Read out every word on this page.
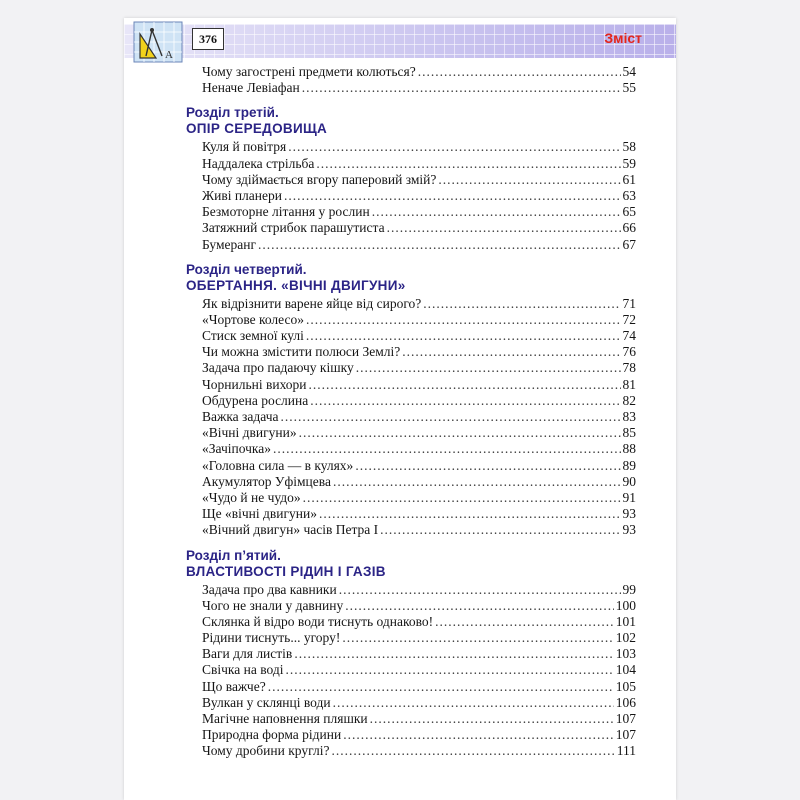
A
376	Зміст
Чому загострені предмети колються? .....	54
Неначе Левіафан .....	55
Розділ третій.
ОПІР СЕРЕДОВИЩА
Куля й повітря .....	58
Наддалека стрільба .....	59
Чому здіймається вгору паперовий змій? .....	61
Живі планери .....	63
Безмоторне літання у рослин .....	65
Затяжний стрибок парашутиста .....	66
Бумеранг .....	67
Розділ четвертий.
ОБЕРТАННЯ. «ВІЧНІ ДВИГУНИ»
Як відрізнити варене яйце від сирого? .....	71
«Чортове колесо» .....	72
Стиск земної кулі .....	74
Чи можна змістити полюси Землі? .....	76
Задача про падаючу кішку .....	78
Чорнильні вихори .....	81
Обдурена рослина .....	82
Важка задача .....	83
«Вічні двигуни» .....	85
«Зачіпочка» .....	88
«Головна сила — в кулях» .....	89
Акумулятор Уфімцева .....	90
«Чудо й не чудо» .....	91
Ще «вічні двигуни» .....	93
«Вічний двигун» часів Петра І .....	93
Розділ п’ятий.
ВЛАСТИВОСТІ РІДИН І ГАЗІВ
Задача про два кавники .....	99
Чого не знали у давнину .....	100
Склянка й відро води тиснуть однаково! .....	101
Рідини тиснуть... угору! .....	102
Ваги для листів .....	103
Свічка на воді .....	104
Що важче? .....	105
Вулкан у склянці води .....	106
Магічне наповнення пляшки .....	107
Природна форма рідини .....	107
Чому дробини круглі? .....	111
